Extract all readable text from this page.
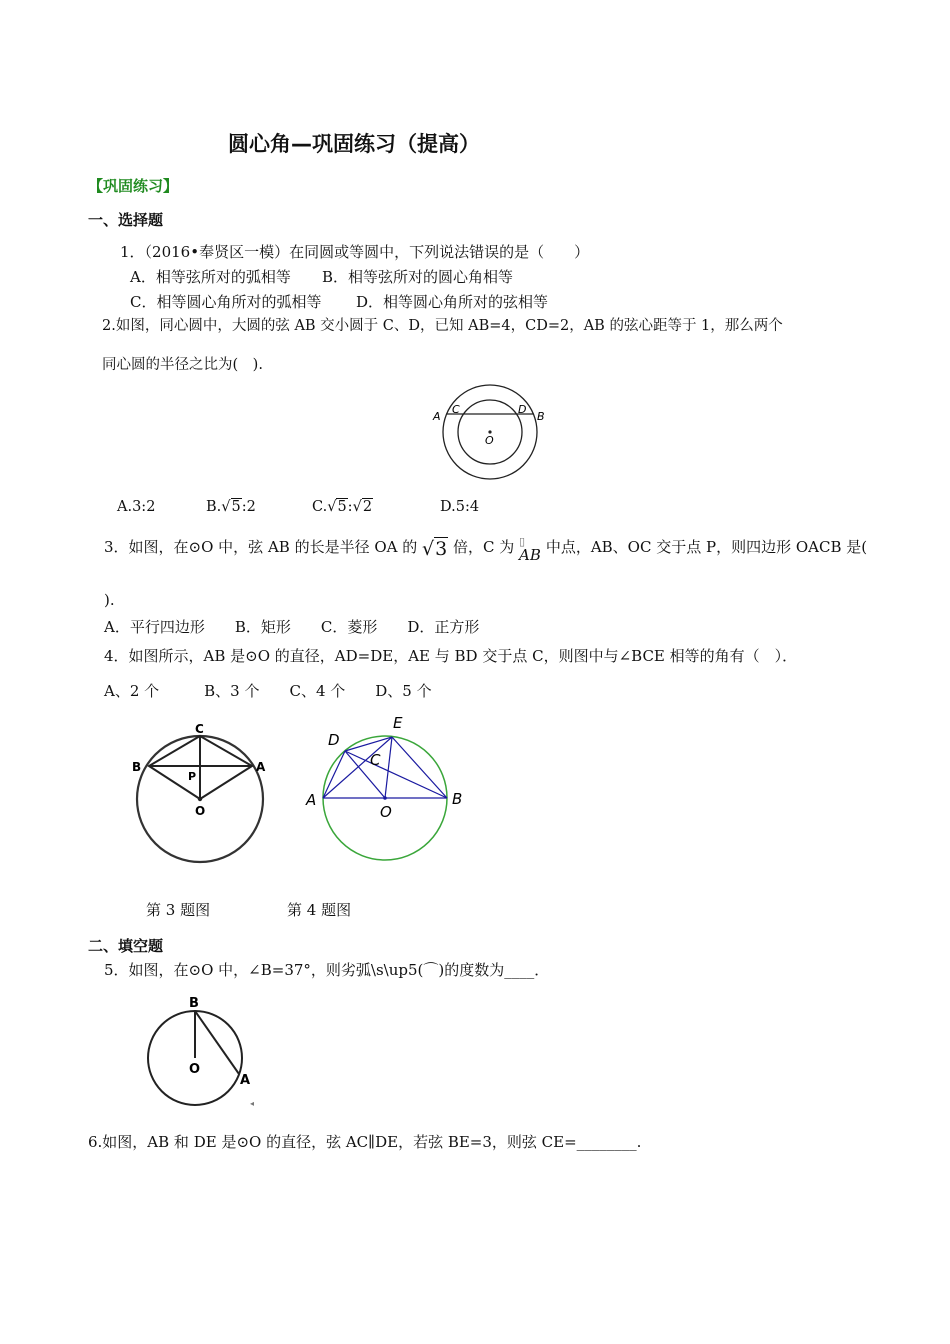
圆心角—巩固练习（提高）
【巩固练习】
一、选择题
1．（2016•奉贤区一模）在同圆或等圆中，下列说法错误的是（　　）
A．相等弦所对的弧相等 B．相等弦所对的圆心角相等
C．相等圆心角所对的弧相等 D．相等圆心角所对的弦相等
2.如图，同心圆中，大圆的弦 AB 交小圆于 C、D，已知 AB=4，CD=2，AB 的弦心距等于 1，那么两个
同心圆的半径之比为(　).
A
C	D
B
O
A.3:2	B.√5:2	C.√5:√2	D.5:4
3．如图，在⊙O 中，弦 AB 的长是半径 OA 的 √3 倍，C 为 ▯
AB 中点，AB、OC 交于点 P，则四边形 OACB 是(
).
A．平行四边形　　B．矩形　　C．菱形　　D．正方形
4．如图所示，AB 是⊙O 的直径，AD=DE，AE 与 BD 交于点 C，则图中与∠BCE 相等的角有（　）．
A、2 个　　　B、3 个　　C、4 个　　D、5 个
C
B	A
P
O
D
E
C
A
O
B
第 3 题图	第 4 题图
二、填空题
5．如图，在⊙O 中，∠B=37°，则劣弧\s\up5(⌒)的度数为____．
B
O
A
◂
6.如图，AB 和 DE 是⊙O 的直径，弦 AC∥DE，若弦 BE=3，则弦 CE=________.
